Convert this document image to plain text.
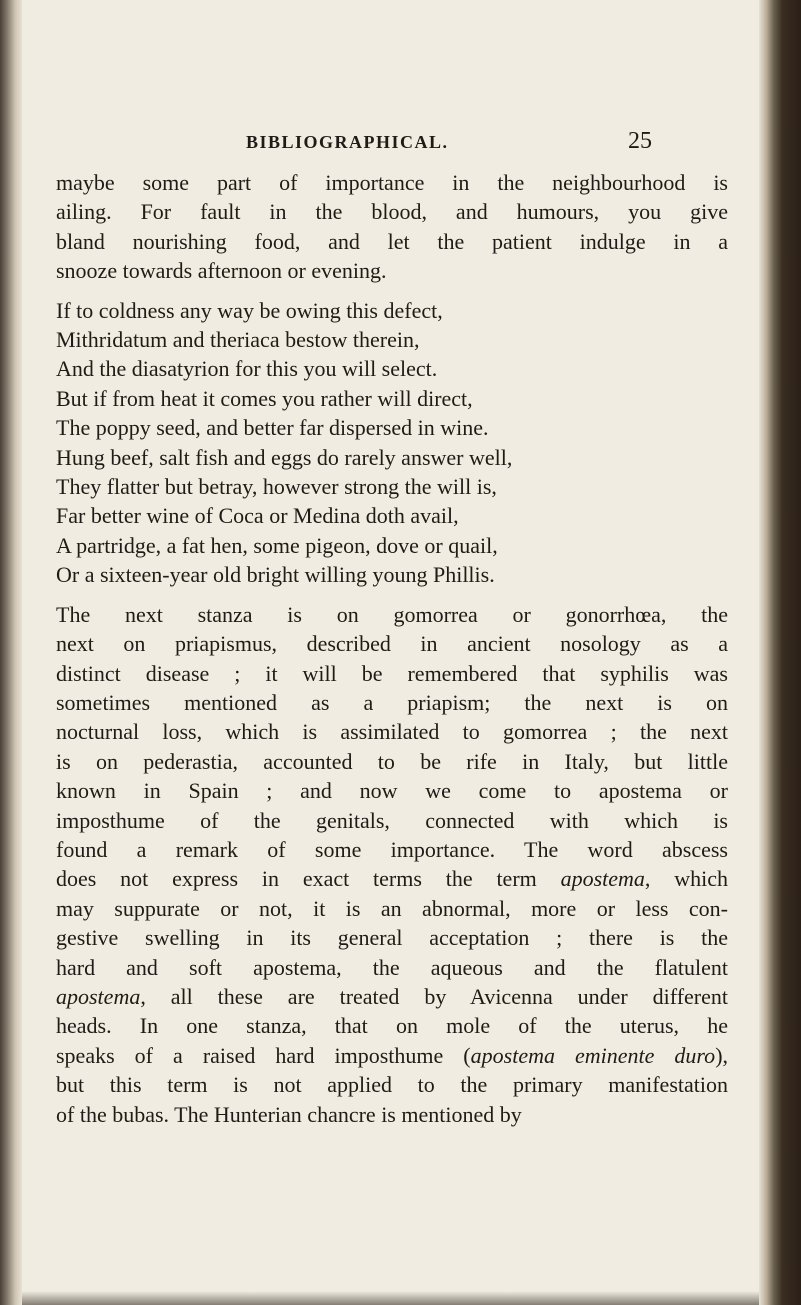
BIBLIOGRAPHICAL.	25
maybe some part of importance in the neighbourhood is
ailing. For fault in the blood, and humours, you give
bland nourishing food, and let the patient indulge in a
snooze towards afternoon or evening.
If to coldness any way be owing this defect,
Mithridatum and theriaca bestow therein,
And the diasatyrion for this you will select.
But if from heat it comes you rather will direct,
The poppy seed, and better far dispersed in wine.
Hung beef, salt fish and eggs do rarely answer well,
They flatter but betray, however strong the will is,
Far better wine of Coca or Medina doth avail,
A partridge, a fat hen, some pigeon, dove or quail,
Or a sixteen-year old bright willing young Phillis.
The next stanza is on gomorrea or gonorrhœa, the
next on priapismus, described in ancient nosology as a
distinct disease ; it will be remembered that syphilis was
sometimes mentioned as a priapism; the next is on
nocturnal loss, which is assimilated to gomorrea ; the next
is on pederastia, accounted to be rife in Italy, but little
known in Spain ; and now we come to apostema or
imposthume of the genitals, connected with which is
found a remark of some importance. The word abscess
does not express in exact terms the term apostema, which
may suppurate or not, it is an abnormal, more or less con-
gestive swelling in its general acceptation ; there is the
hard and soft apostema, the aqueous and the flatulent
apostema, all these are treated by Avicenna under different
heads. In one stanza, that on mole of the uterus, he
speaks of a raised hard imposthume (apostema eminente duro),
but this term is not applied to the primary manifestation
of the bubas. The Hunterian chancre is mentioned by
